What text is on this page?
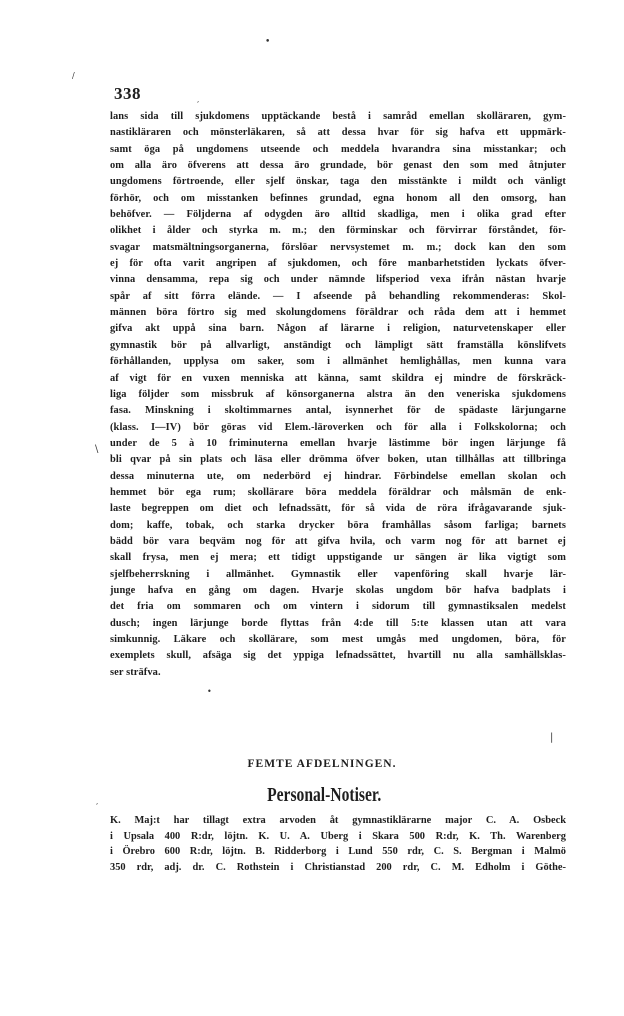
•
/
,
\
|
,
•
338
lans sida till sjukdomens upptäckande bestå i samråd emellan skolläraren, gym-
nastikläraren och mönsterläkaren, så att dessa hvar för sig hafva ett uppmärk-
samt öga på ungdomens utseende och meddela hvarandra sina misstankar; och
om alla äro öfverens att dessa äro grundade, bör genast den som med åtnjuter
ungdomens förtroende, eller sjelf önskar, taga den misstänkte i mildt och vänligt
förhör, och om misstanken befinnes grundad, egna honom all den omsorg, han
behöfver. — Följderna af odygden äro alltid skadliga, men i olika grad efter
olikhet i ålder och styrka m. m.; den förminskar och förvirrar förståndet, för-
svagar matsmältningsorganerna, förslöar nervsystemet m. m.; dock kan den som
ej för ofta varit angripen af sjukdomen, och före manbarhetstiden lyckats öfver-
vinna densamma, repa sig och under nämnde lifsperiod vexa ifrån nästan hvarje
spår af sitt förra elände. — I afseende på behandling rekommenderas: Skol-
männen böra förtro sig med skolungdomens föräldrar och råda dem att i hemmet
gifva akt uppå sina barn. Någon af lärarne i religion, naturvetenskaper eller
gymnastik bör på allvarligt, anständigt och lämpligt sätt framställa könslifvets
förhållanden, upplysa om saker, som i allmänhet hemlighållas, men kunna vara
af vigt för en vuxen menniska att känna, samt skildra ej mindre de förskräck-
liga följder som missbruk af könsorganerna alstra än den veneriska sjukdomens
fasa. Minskning i skoltimmarnes antal, isynnerhet för de spädaste lärjungarne
(klass. I—IV) bör göras vid Elem.-läroverken och för alla i Folkskolorna; och
under de 5 à 10 friminuterna emellan hvarje lästimme bör ingen lärjunge få
bli qvar på sin plats och läsa eller drömma öfver boken, utan tillhållas att tillbringa
dessa minuterna ute, om nederbörd ej hindrar. Förbindelse emellan skolan och
hemmet bör ega rum; skollärare böra meddela föräldrar och målsmän de enk-
laste begreppen om diet och lefnadssätt, för så vida de röra ifrågavarande sjuk-
dom; kaffe, tobak, och starka drycker böra framhållas såsom farliga; barnets
bädd bör vara beqväm nog för att gifva hvila, och varm nog för att barnet ej
skall frysa, men ej mera; ett tidigt uppstigande ur sängen är lika vigtigt som
sjelfbeherrskning i allmänhet. Gymnastik eller vapenföring skall hvarje lär-
junge hafva en gång om dagen. Hvarje skolas ungdom bör hafva badplats i
det fria om sommaren och om vintern i sidorum till gymnastiksalen medelst
dusch; ingen lärjunge borde flyttas från 4:de till 5:te klassen utan att vara
simkunnig. Läkare och skollärare, som mest umgås med ungdomen, böra, för
exemplets skull, afsäga sig det yppiga lefnadssättet, hvartill nu alla samhällsklas-
ser sträfva.
FEMTE AFDELNINGEN.
Personal-Notiser.
K. Maj:t har tillagt extra arvoden åt gymnastiklärarne major C. A. Osbeck
i Upsala 400 R:dr, löjtn. K. U. A. Uberg i Skara 500 R:dr, K. Th. Warenberg
i Örebro 600 R:dr, löjtn. B. Ridderborg i Lund 550 rdr, C. S. Bergman i Malmö
350 rdr, adj. dr. C. Rothstein i Christianstad 200 rdr, C. M. Edholm i Göthe-
